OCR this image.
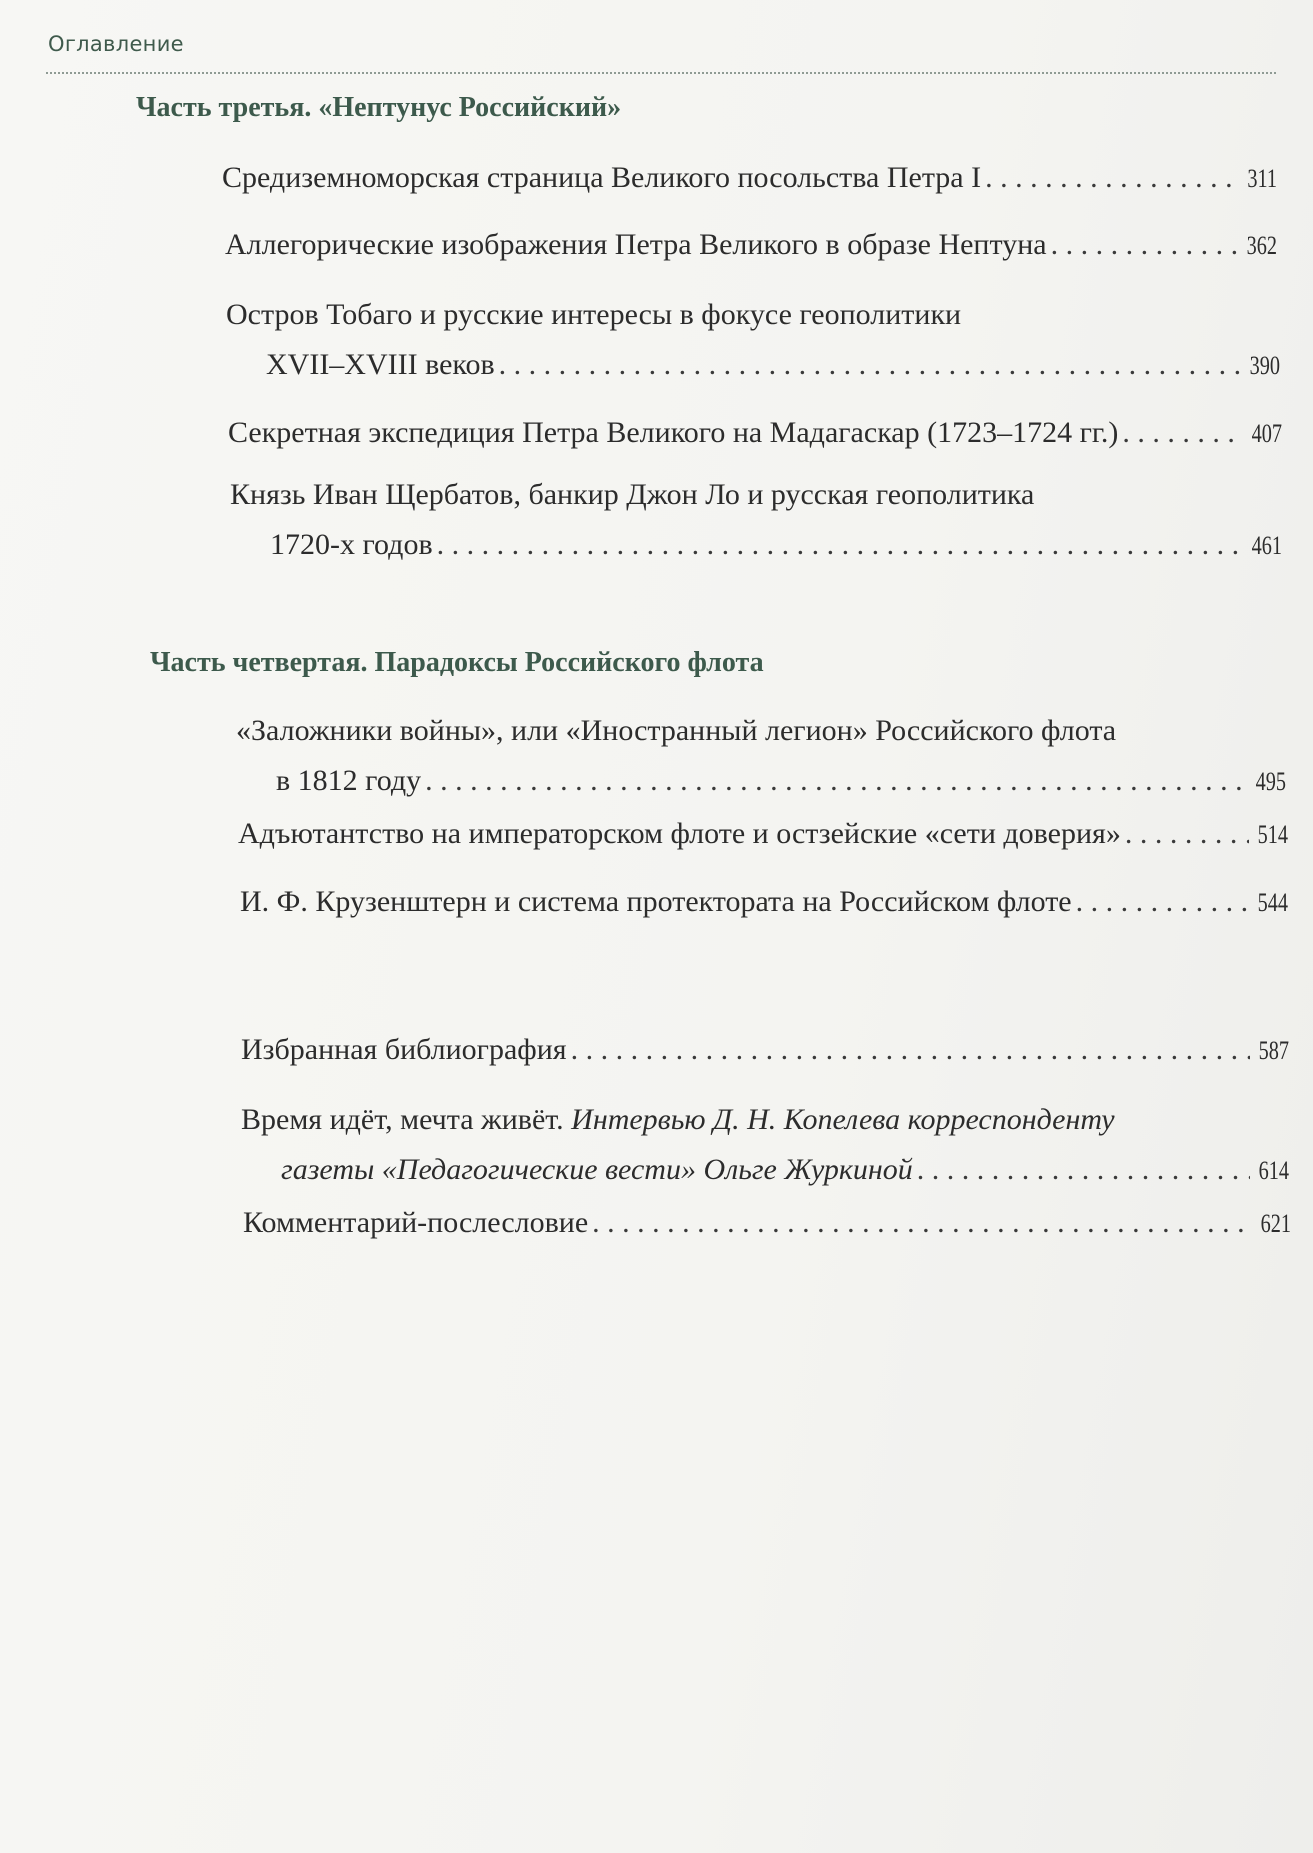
Оглавление
Часть третья. «Нептунус Российский»
Средиземноморская страница Великого посольства Петра I . . .	311
Аллегорические изображения Петра Великого в образе Нептуна . . .	362
Остров Тобаго и русские интересы в фокусе геополитики
XVII–XVIII веков . . .	390
Секретная экспедиция Петра Великого на Мадагаскар (1723–1724 гг.) . . .	407
Князь Иван Щербатов, банкир Джон Ло и русская геополитика
1720-х годов . . .	461
Часть четвертая. Парадоксы Российского флота
«Заложники войны», или «Иностранный легион» Российского флота
в 1812 году . . .	495
Адъютантство на императорском флоте и остзейские «сети доверия» . . .	514
И. Ф. Крузенштерн и система протектората на Российском флоте . . .	544
Избранная библиография . . .	587
Время идёт, мечта живёт. Интервью Д. Н. Копелева корреспонденту
газеты «Педагогические вести» Ольге Журкиной . . .	614
Комментарий-послесловие . . .	621
